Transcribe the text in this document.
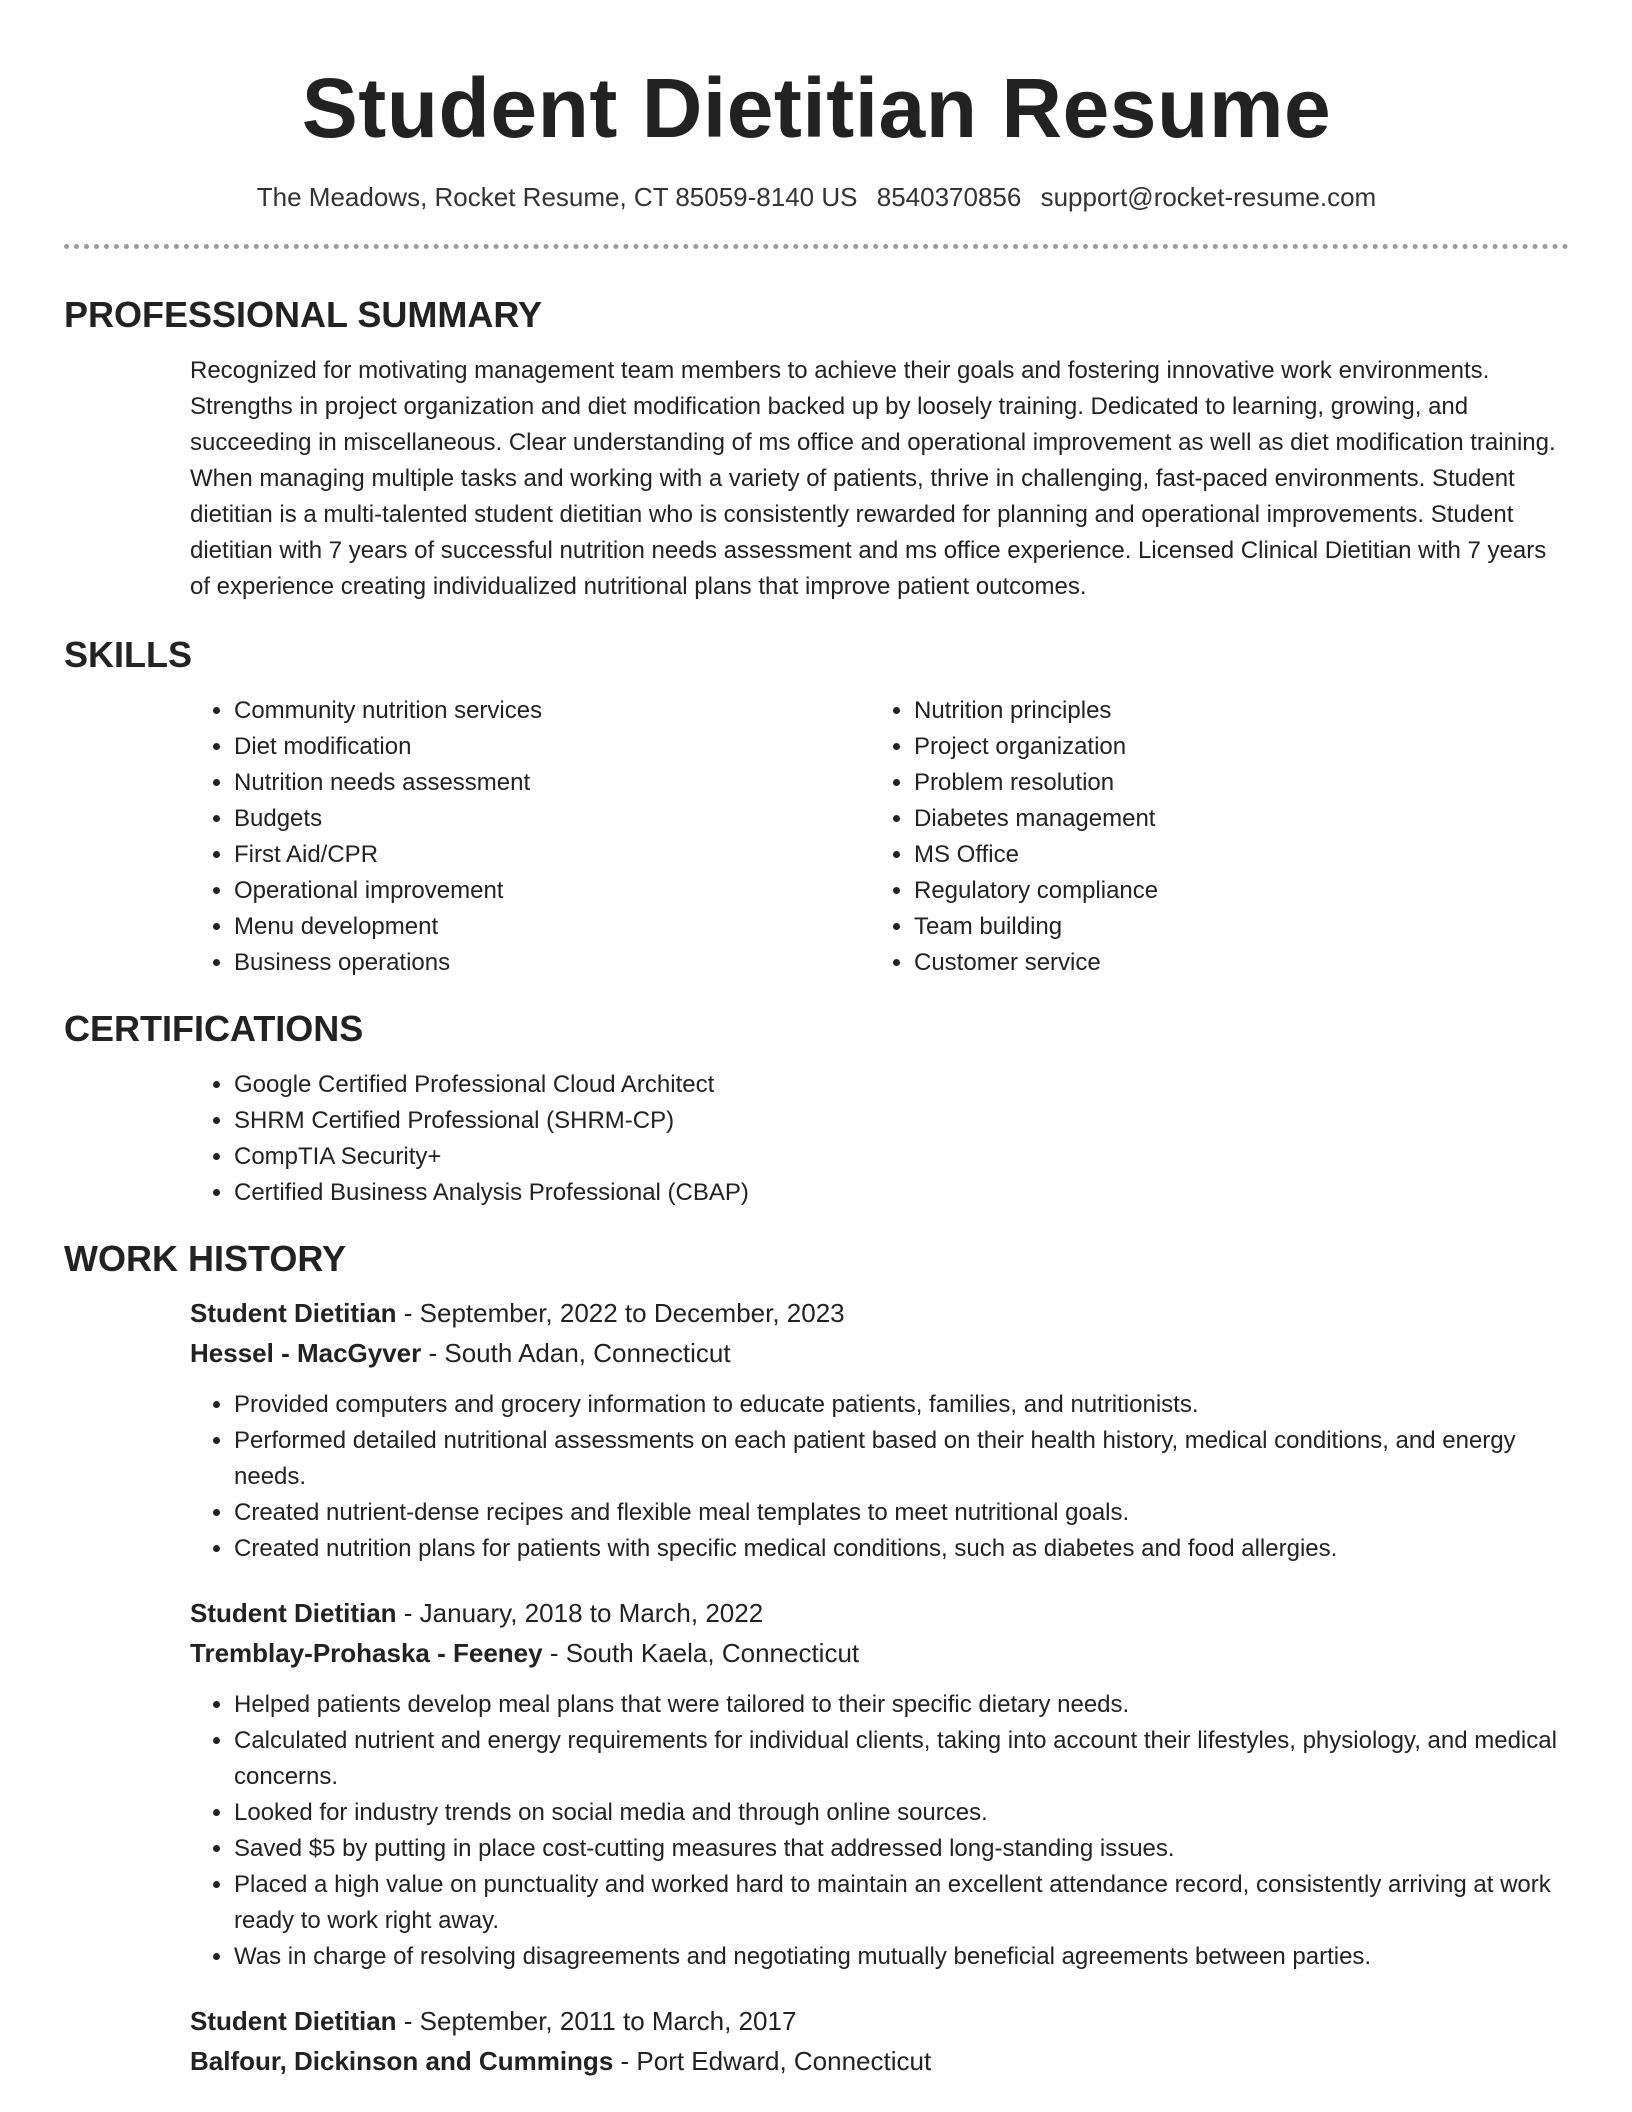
Student Dietitian Resume
The Meadows, Rocket Resume, CT 85059-8140 US 8540370856 support@rocket-resume.com
PROFESSIONAL SUMMARY
Recognized for motivating management team members to achieve their goals and fostering innovative work environments. Strengths in project organization and diet modification backed up by loosely training. Dedicated to learning, growing, and succeeding in miscellaneous. Clear understanding of ms office and operational improvement as well as diet modification training. When managing multiple tasks and working with a variety of patients, thrive in challenging, fast-paced environments. Student dietitian is a multi-talented student dietitian who is consistently rewarded for planning and operational improvements. Student dietitian with 7 years of successful nutrition needs assessment and ms office experience. Licensed Clinical Dietitian with 7 years of experience creating individualized nutritional plans that improve patient outcomes.
SKILLS
• Community nutrition services
• Diet modification
• Nutrition needs assessment
• Budgets
• First Aid/CPR
• Operational improvement
• Menu development
• Business operations
• Nutrition principles
• Project organization
• Problem resolution
• Diabetes management
• MS Office
• Regulatory compliance
• Team building
• Customer service
CERTIFICATIONS
• Google Certified Professional Cloud Architect
• SHRM Certified Professional (SHRM-CP)
• CompTIA Security+
• Certified Business Analysis Professional (CBAP)
WORK HISTORY
Student Dietitian - September, 2022 to December, 2023
Hessel - MacGyver - South Adan, Connecticut
• Provided computers and grocery information to educate patients, families, and nutritionists.
• Performed detailed nutritional assessments on each patient based on their health history, medical conditions, and energy needs.
• Created nutrient-dense recipes and flexible meal templates to meet nutritional goals.
• Created nutrition plans for patients with specific medical conditions, such as diabetes and food allergies.
Student Dietitian - January, 2018 to March, 2022
Tremblay-Prohaska - Feeney - South Kaela, Connecticut
• Helped patients develop meal plans that were tailored to their specific dietary needs.
• Calculated nutrient and energy requirements for individual clients, taking into account their lifestyles, physiology, and medical concerns.
• Looked for industry trends on social media and through online sources.
• Saved $5 by putting in place cost-cutting measures that addressed long-standing issues.
• Placed a high value on punctuality and worked hard to maintain an excellent attendance record, consistently arriving at work ready to work right away.
• Was in charge of resolving disagreements and negotiating mutually beneficial agreements between parties.
Student Dietitian - September, 2011 to March, 2017
Balfour, Dickinson and Cummings - Port Edward, Connecticut
